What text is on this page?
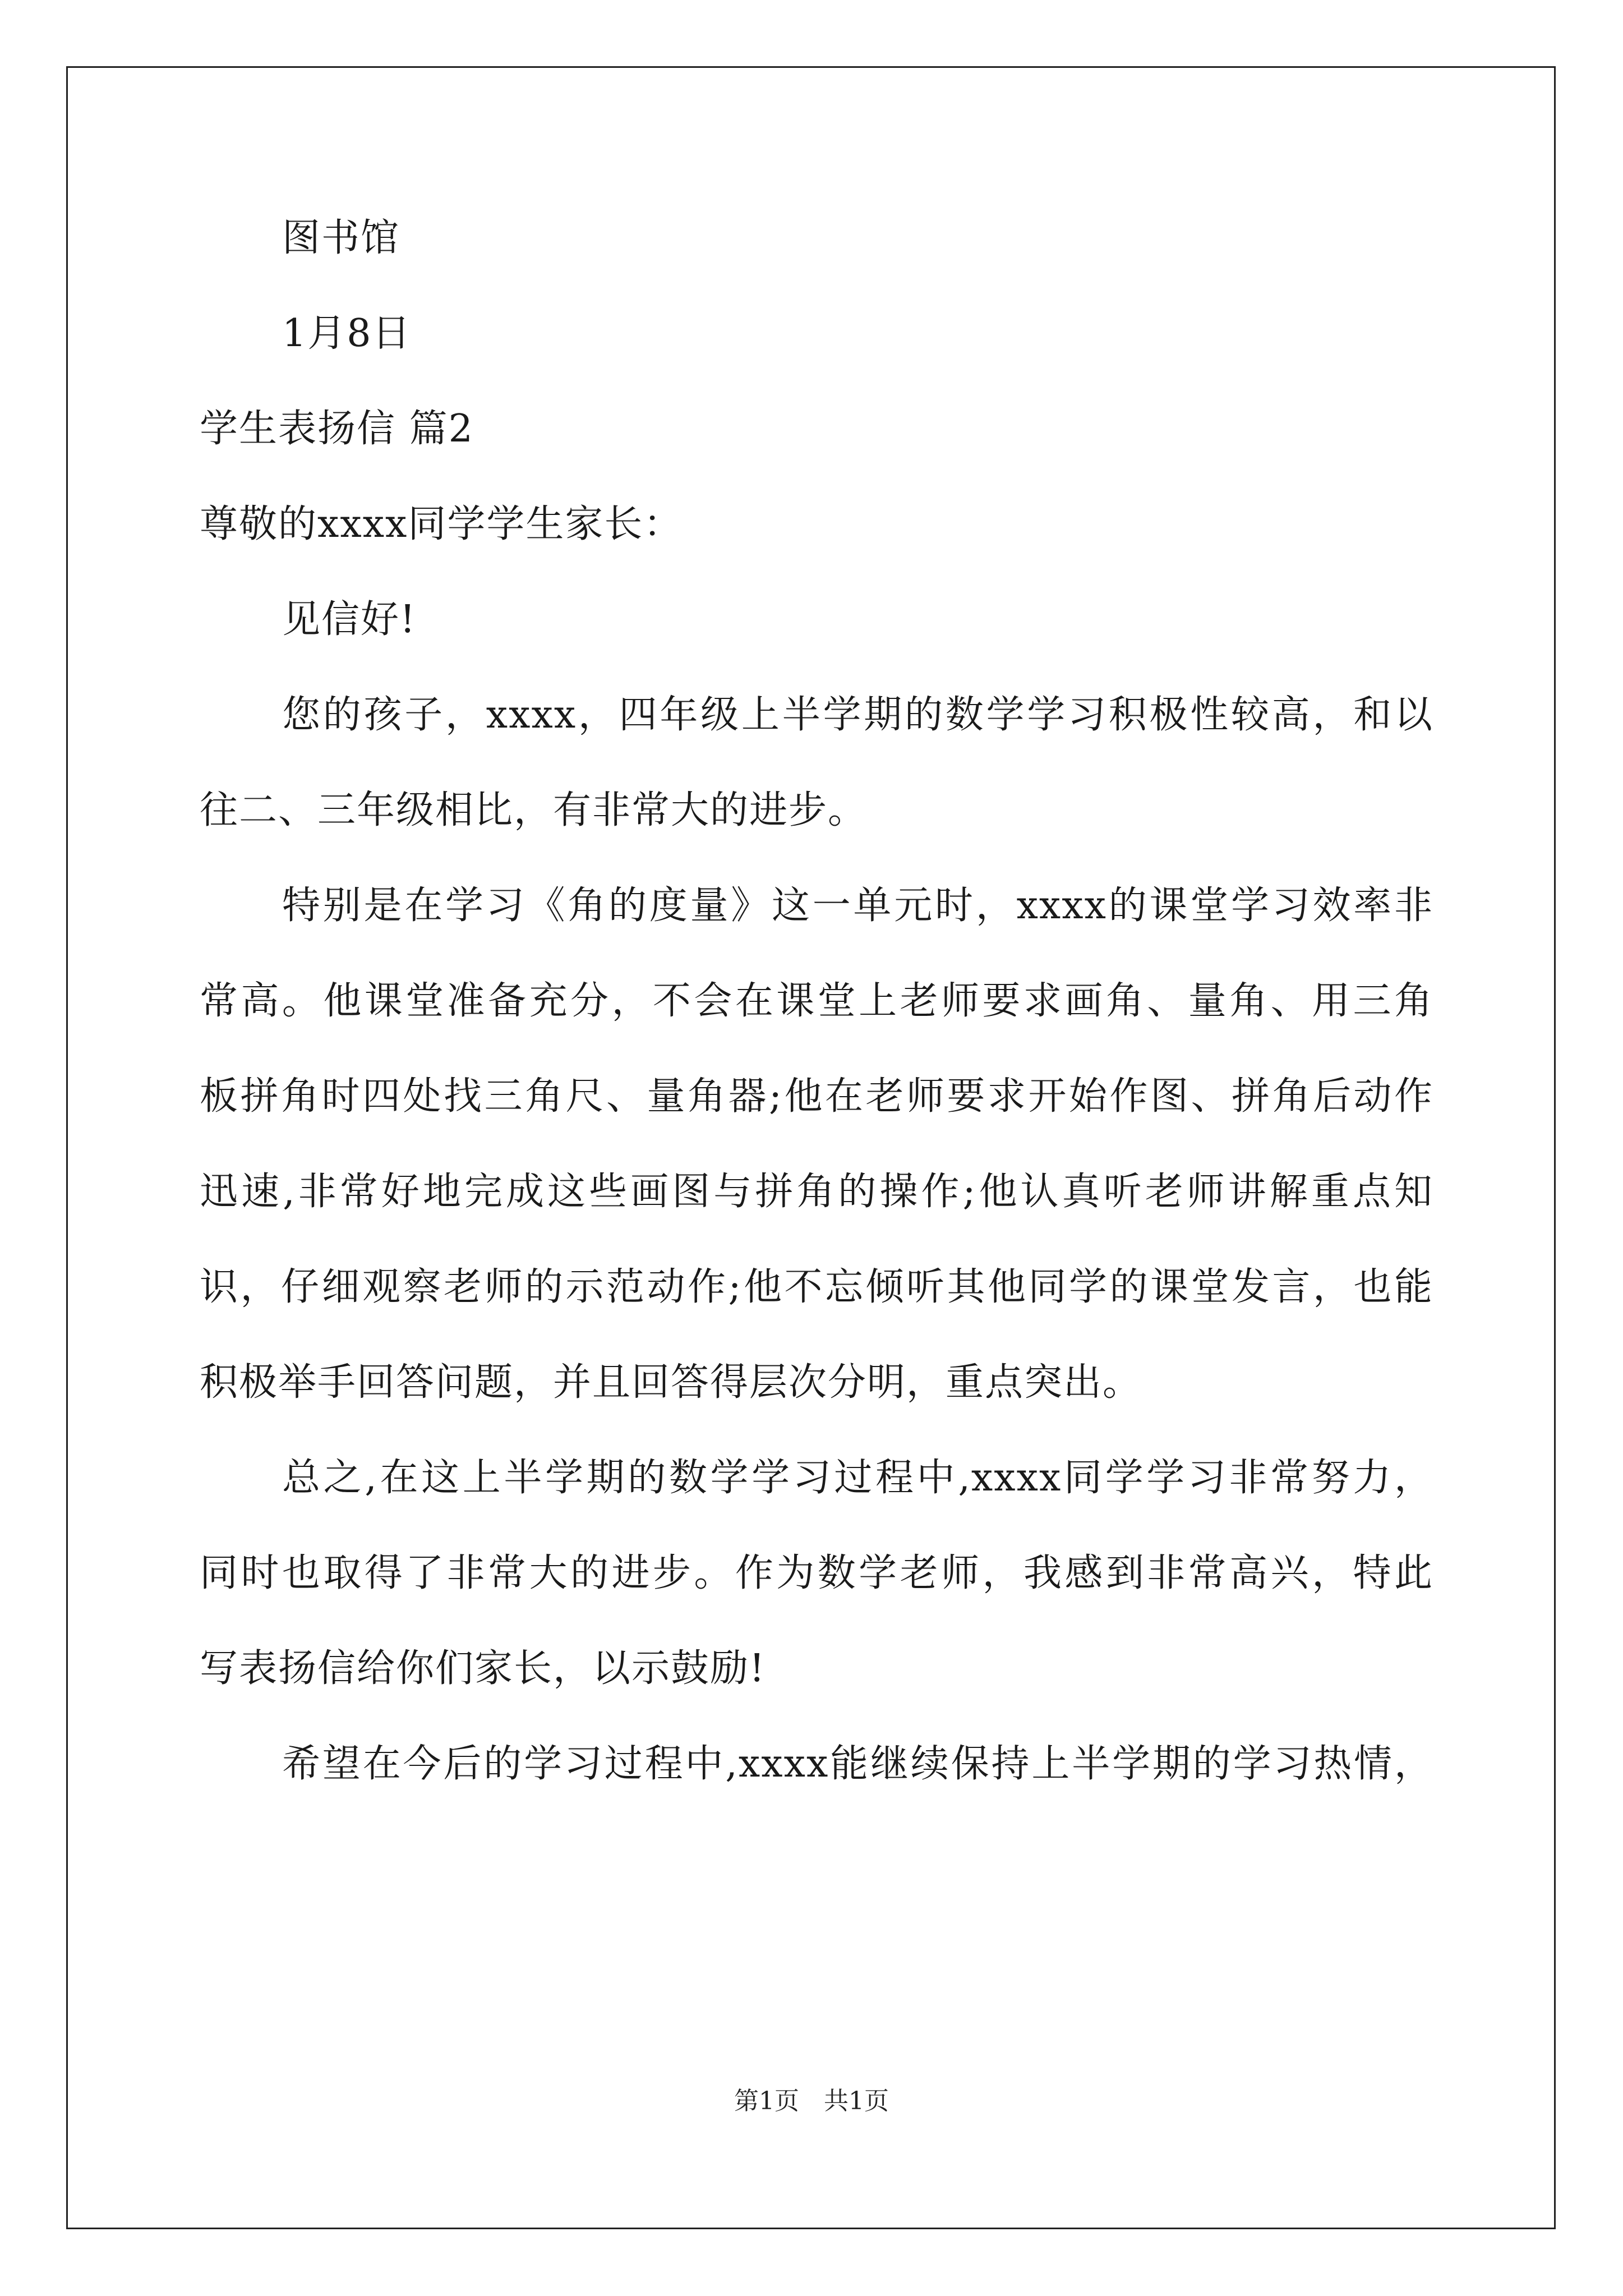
图书馆
1月8日
学生表扬信 篇2
尊敬的xxxx同学学生家长：
见信好!
您的孩子，xxxx，四年级上半学期的数学学习积极性较高，和以
往二、三年级相比，有非常大的进步。
特别是在学习《角的度量》这一单元时，xxxx的课堂学习效率非
常高。他课堂准备充分，不会在课堂上老师要求画角、量角、用三角
板拼角时四处找三角尺、量角器;他在老师要求开始作图、拼角后动作
迅速,非常好地完成这些画图与拼角的操作;他认真听老师讲解重点知
识，仔细观察老师的示范动作;他不忘倾听其他同学的课堂发言，也能
积极举手回答问题，并且回答得层次分明，重点突出。
总之,在这上半学期的数学学习过程中,xxxx同学学习非常努力，
同时也取得了非常大的进步。作为数学老师，我感到非常高兴，特此
写表扬信给你们家长，以示鼓励!
希望在今后的学习过程中,xxxx能继续保持上半学期的学习热情，
第1页　共1页
